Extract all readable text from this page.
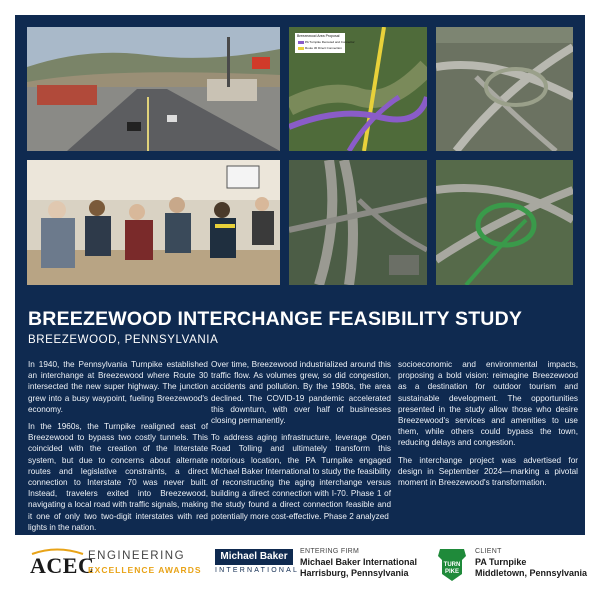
Breezewood Area Proposal
PA Turnpike Rerouted and Connector
Route 30 Direct Connection
BREEZEWOOD INTERCHANGE FEASIBILITY STUDY
BREEZEWOOD, PENNSYLVANIA

In 1940, the Pennsylvania Turnpike established an interchange at Breezewood where Route 30 intersected the new super highway. The junction grew into a busy waypoint, fueling Breezewood's economy.

In the 1960s, the Turnpike realigned east of Breezewood to bypass two costly tunnels. This coincided with the creation of the Interstate system, but due to concerns about alternate routes and legislative constraints, a direct connection to Interstate 70 was never built. Instead, travelers exited into Breezewood, navigating a local road with traffic signals, making it one of only two two-digit interstates with red lights in the nation.

Over time, Breezewood industrialized around this traffic flow. As volumes grew, so did congestion, accidents and pollution. By the 1980s, the area declined. The COVID-19 pandemic accelerated this downturn, with over half of businesses closing permanently.

To address aging infrastructure, leverage Open Road Tolling and ultimately transform this notorious location, the PA Turnpike engaged Michael Baker International to study the feasibility of reconstructing the aging interchange versus building a direct connection with I-70. Phase 1 of the study found a direct connection feasible and potentially more cost-effective. Phase 2 analyzed

socioeconomic and environmental impacts, proposing a bold vision: reimagine Breezewood as a destination for outdoor tourism and sustainable development. The opportunities presented in the study allow those who desire Breezewood's services and amenities to use them, while others could bypass the town, reducing delays and congestion.

The interchange project was advertised for design in September 2024—marking a pivotal moment in Breezewood's transformation.

ACEC
ENGINEERING
EXCELLENCE AWARDS
Michael Baker
INTERNATIONAL
ENTERING FIRM
Michael Baker International
Harrisburg, Pennsylvania
TURN
PIKE
CLIENT
PA Turnpike
Middletown, Pennsylvania
